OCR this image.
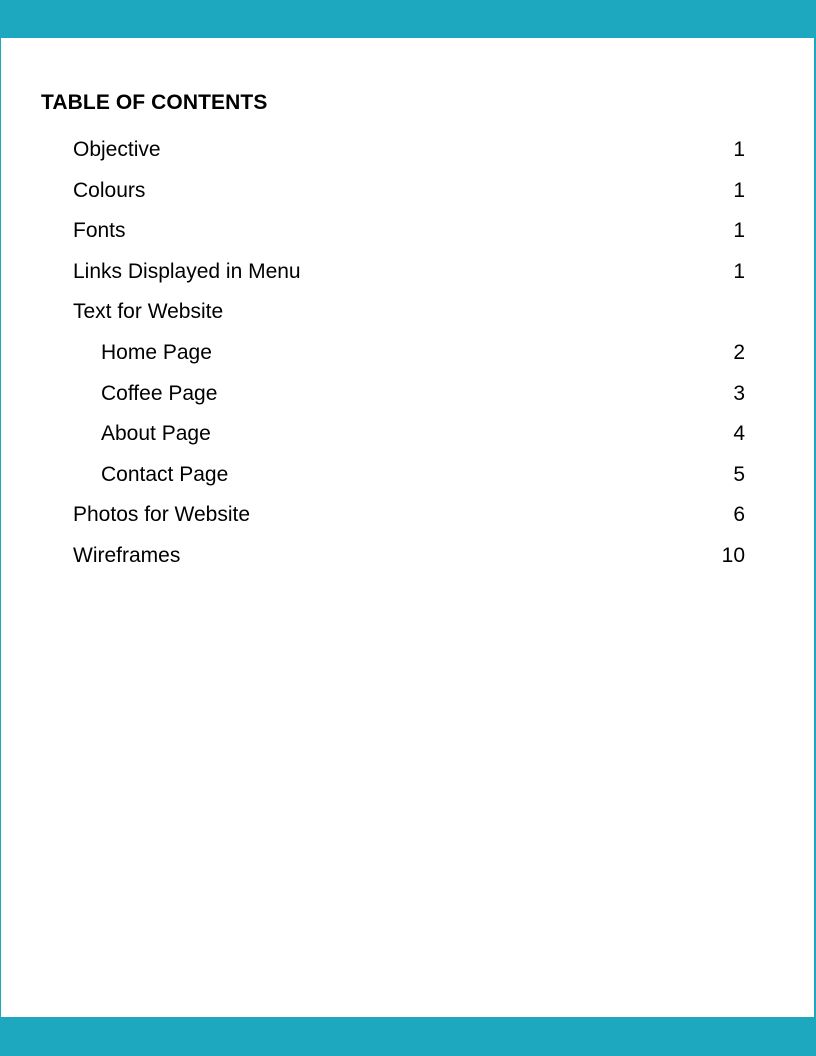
TABLE OF CONTENTS
Objective	1
Colours	1
Fonts	1
Links Displayed in Menu	1
Text for Website
Home Page	2
Coffee Page	3
About Page	4
Contact Page	5
Photos for Website	6
Wireframes	10
